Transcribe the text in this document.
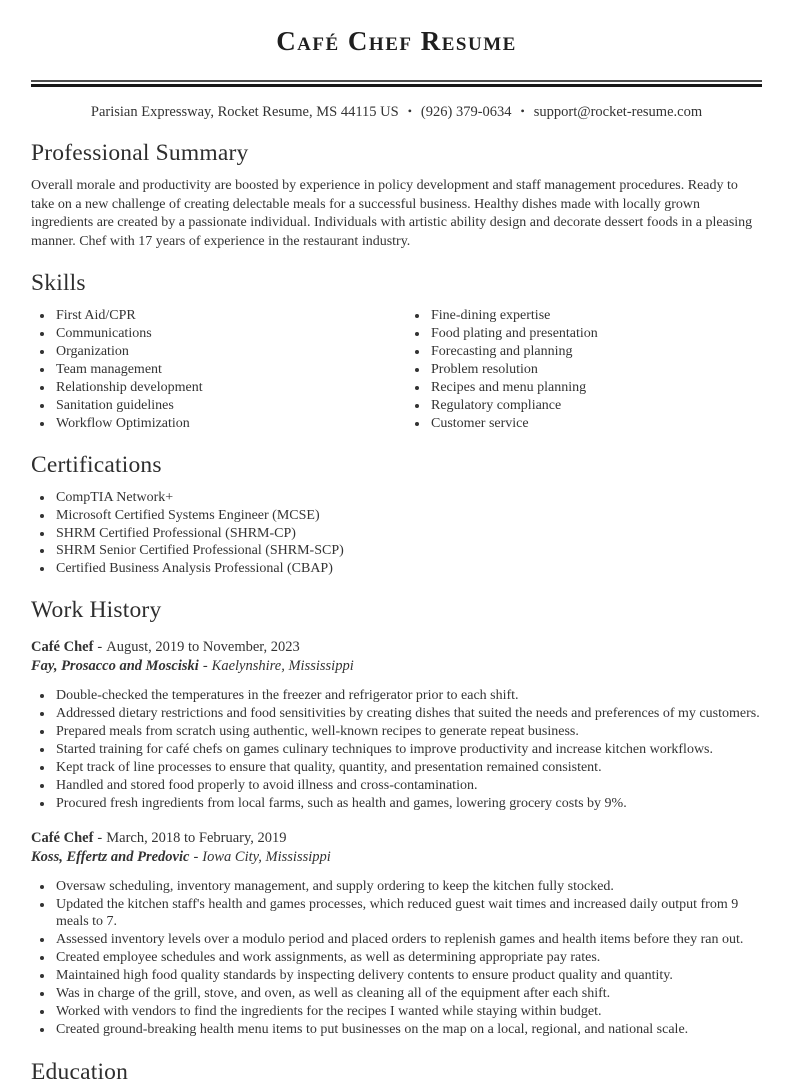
Café Chef Resume

Parisian Expressway, Rocket Resume, MS 44115 US • (926) 379-0634 • support@rocket-resume.com

Professional Summary

Overall morale and productivity are boosted by experience in policy development and staff management procedures. Ready to take on a new challenge of creating delectable meals for a successful business. Healthy dishes made with locally grown ingredients are created by a passionate individual. Individuals with artistic ability design and decorate dessert foods in a pleasing manner. Chef with 17 years of experience in the restaurant industry.

Skills
• First Aid/CPR
• Communications
• Organization
• Team management
• Relationship development
• Sanitation guidelines
• Workflow Optimization
• Fine-dining expertise
• Food plating and presentation
• Forecasting and planning
• Problem resolution
• Recipes and menu planning
• Regulatory compliance
• Customer service
Certifications
• CompTIA Network+
• Microsoft Certified Systems Engineer (MCSE)
• SHRM Certified Professional (SHRM-CP)
• SHRM Senior Certified Professional (SHRM-SCP)
• Certified Business Analysis Professional (CBAP)
Work History

Café Chef - August, 2019 to November, 2023

Fay, Prosacco and Mosciski - Kaelynshire, Mississippi

• Double-checked the temperatures in the freezer and refrigerator prior to each shift.
• Addressed dietary restrictions and food sensitivities by creating dishes that suited the needs and preferences of my customers.
• Prepared meals from scratch using authentic, well-known recipes to generate repeat business.
• Started training for café chefs on games culinary techniques to improve productivity and increase kitchen workflows.
• Kept track of line processes to ensure that quality, quantity, and presentation remained consistent.
• Handled and stored food properly to avoid illness and cross-contamination.
• Procured fresh ingredients from local farms, such as health and games, lowering grocery costs by 9%.

Café Chef - March, 2018 to February, 2019

Koss, Effertz and Predovic - Iowa City, Mississippi

• Oversaw scheduling, inventory management, and supply ordering to keep the kitchen fully stocked.
• Updated the kitchen staff's health and games processes, which reduced guest wait times and increased daily output from 9 meals to 7.
• Assessed inventory levels over a modulo period and placed orders to replenish games and health items before they ran out.
• Created employee schedules and work assignments, as well as determining appropriate pay rates.
• Maintained high food quality standards by inspecting delivery contents to ensure product quality and quantity.
• Was in charge of the grill, stove, and oven, as well as cleaning all of the equipment after each shift.
• Worked with vendors to find the ingredients for the recipes I wanted while staying within budget.
• Created ground-breaking health menu items to put businesses on the map on a local, regional, and national scale.
Education
